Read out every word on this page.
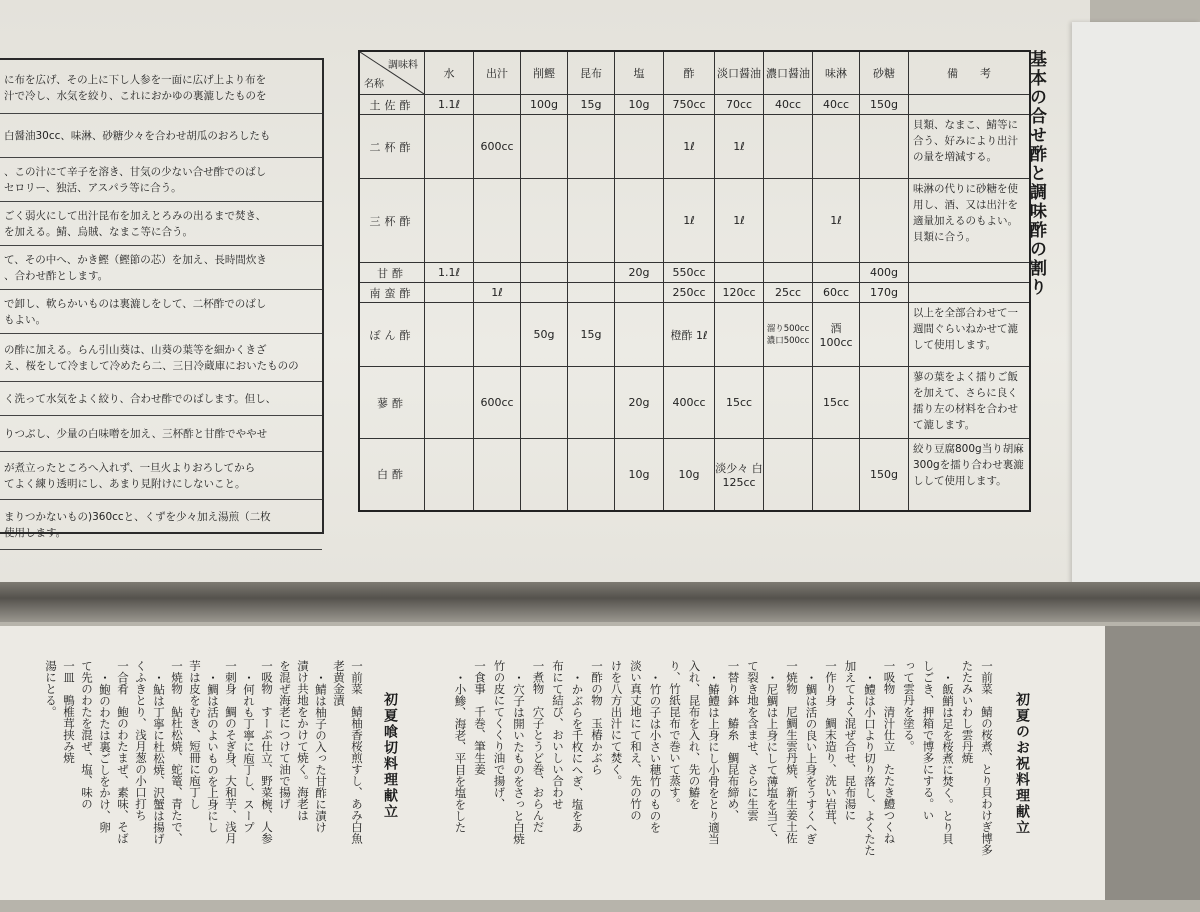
に布を広げ、その上に下し人参を一面に広げ上より布を
汁で冷し、水気を絞り、これにおかゆの裏漉したものを
白醤油30cc、味淋、砂糖少々を合わせ胡瓜のおろしたも
、この汁にて辛子を溶き、甘気の少ない合せ酢でのばし
セロリー、独活、アスパラ等に合う。
ごく弱火にして出汁昆布を加えとろみの出るまで焚き、
を加える。鯖、烏賊、なまこ等に合う。
て、その中へ、かき鰹（鰹節の芯）を加え、長時間炊き
、合わせ酢とします。
で卸し、軟らかいものは裏漉しをして、二杯酢でのばし
もよい。
の酢に加える。らん引山葵は、山葵の葉等を細かくきざ
え、桜をして冷まして冷めたら二、三日冷蔵庫においたものの
く洗って水気をよく絞り、合わせ酢でのばします。但し、
りつぶし、少量の白味噌を加え、三杯酢と甘酢でややせ
が煮立ったところへ入れず、一旦火よりおろしてから
てよく練り透明にし、あまり見附けにしないこと。
まりつかないもの)360ccと、くずを少々加え湯煎（二枚
使用します。
調味料
名称	水	出汁	削鰹	昆布	塩	酢	淡口醤油	濃口醤油	味淋	砂糖	備　　考
土佐酢	1.1ℓ		100g	15g	10g	750cc	70cc	40cc	40cc	150g	
二杯酢		600cc				1ℓ	1ℓ				貝類、なまこ、鯖等に合う、好みにより出汁の量を増減する。
三杯酢						1ℓ	1ℓ		1ℓ		味淋の代りに砂糖を使用し、酒、又は出汁を適量加えるのもよい。貝類に合う。
甘酢	1.1ℓ				20g	550cc				400g	
南蛮酢		1ℓ				250cc	120cc	25cc	60cc	170g	
ぽん酢			50g	15g		橙酢 1ℓ		溜り500cc 濃口500cc	酒 100cc		以上を全部合わせて一週間ぐらいねかせて漉して使用します。
蓼酢		600cc			20g	400cc	15cc		15cc		蓼の葉をよく擂りご飯を加えて、さらに良く擂り左の材料を合わせて漉します。
白酢					10g	10g	淡少々 白125cc			150g	絞り豆腐800g当り胡麻300gを擂り合わせ裏漉しして使用します。
基本の合せ酢と調味酢の割り
初夏のお祝料理献立
初夏喰切料理献立	一前菜　鯖の桜煮、とり貝わけぎ博多
たたみいわし雲丹焼
・飯鮹は足を桜煮に焚く。とり貝
しごき、押箱で博多にする。い
って雲丹を塗る。
一吸物　清汁仕立　たたき鱧つくね
・鱧は小口より切り落し、よくたた
加えてよく混ぜ合せ、昆布湯に
一作り身　鯛末造り、洗い岩茸、
・鯛は活の良い上身をうすくへぎ
一焼物　尼鯛生雲丹焼、新生姜土佐
・尼鯛は上身にして薄塩を当て、
て裂き地を含ませ、さらに生雲
一替り鉢　鰆糸　鯛昆布締め、
・鰆鱧は上身にし小骨をとり適当
入れ、昆布を入れ、先の鰆を
り、竹紙昆布で巻いて蒸す。
・竹の子は小さい穂竹のものを
淡い真丈地にて和え、先の竹の
けを八方出汁にて焚く。
一酢の物　玉椿かぶら
・かぶらを千枚にへぎ、塩をあ
布にて結び、おいしい合わせ
一煮物　穴子とうど巻、おらんだ
・穴子は開いたものをさっと白焼
竹の皮にてくくり油で揚げ、
一食事　千巻、筆生姜
・小鯵、海老、平目を塩をした
一前菜　鯖柚香桜煎すし、あみ白魚
老黄金漬
・鯖は柚子の入った甘酢に漬け
漬け共地をかけて焼く。海老は
を混ぜ海老につけて油で揚げ
一吸物　すーぷ仕立、野菜椀、人参
・何れも丁寧に庖丁し、スープ
一刺身　鯛のそぎ身、大和芋、浅月
・鯛は活のよいものを上身にし
芋は皮をむき、短冊に庖丁し
一焼物　鮎杜松焼、蛇篭、青たで、
・鮎は丁寧に杜松焼、沢蟹は揚げ
くふきとり、浅月葱の小口打ち
一合肴　鮑のわたまぜ、素味、そば
・鮑のわたは裏ごしをかけ、卵
て先のわたを混ぜ、塩、味の
一皿　鴨椎茸挟み焼
湯にとる。
